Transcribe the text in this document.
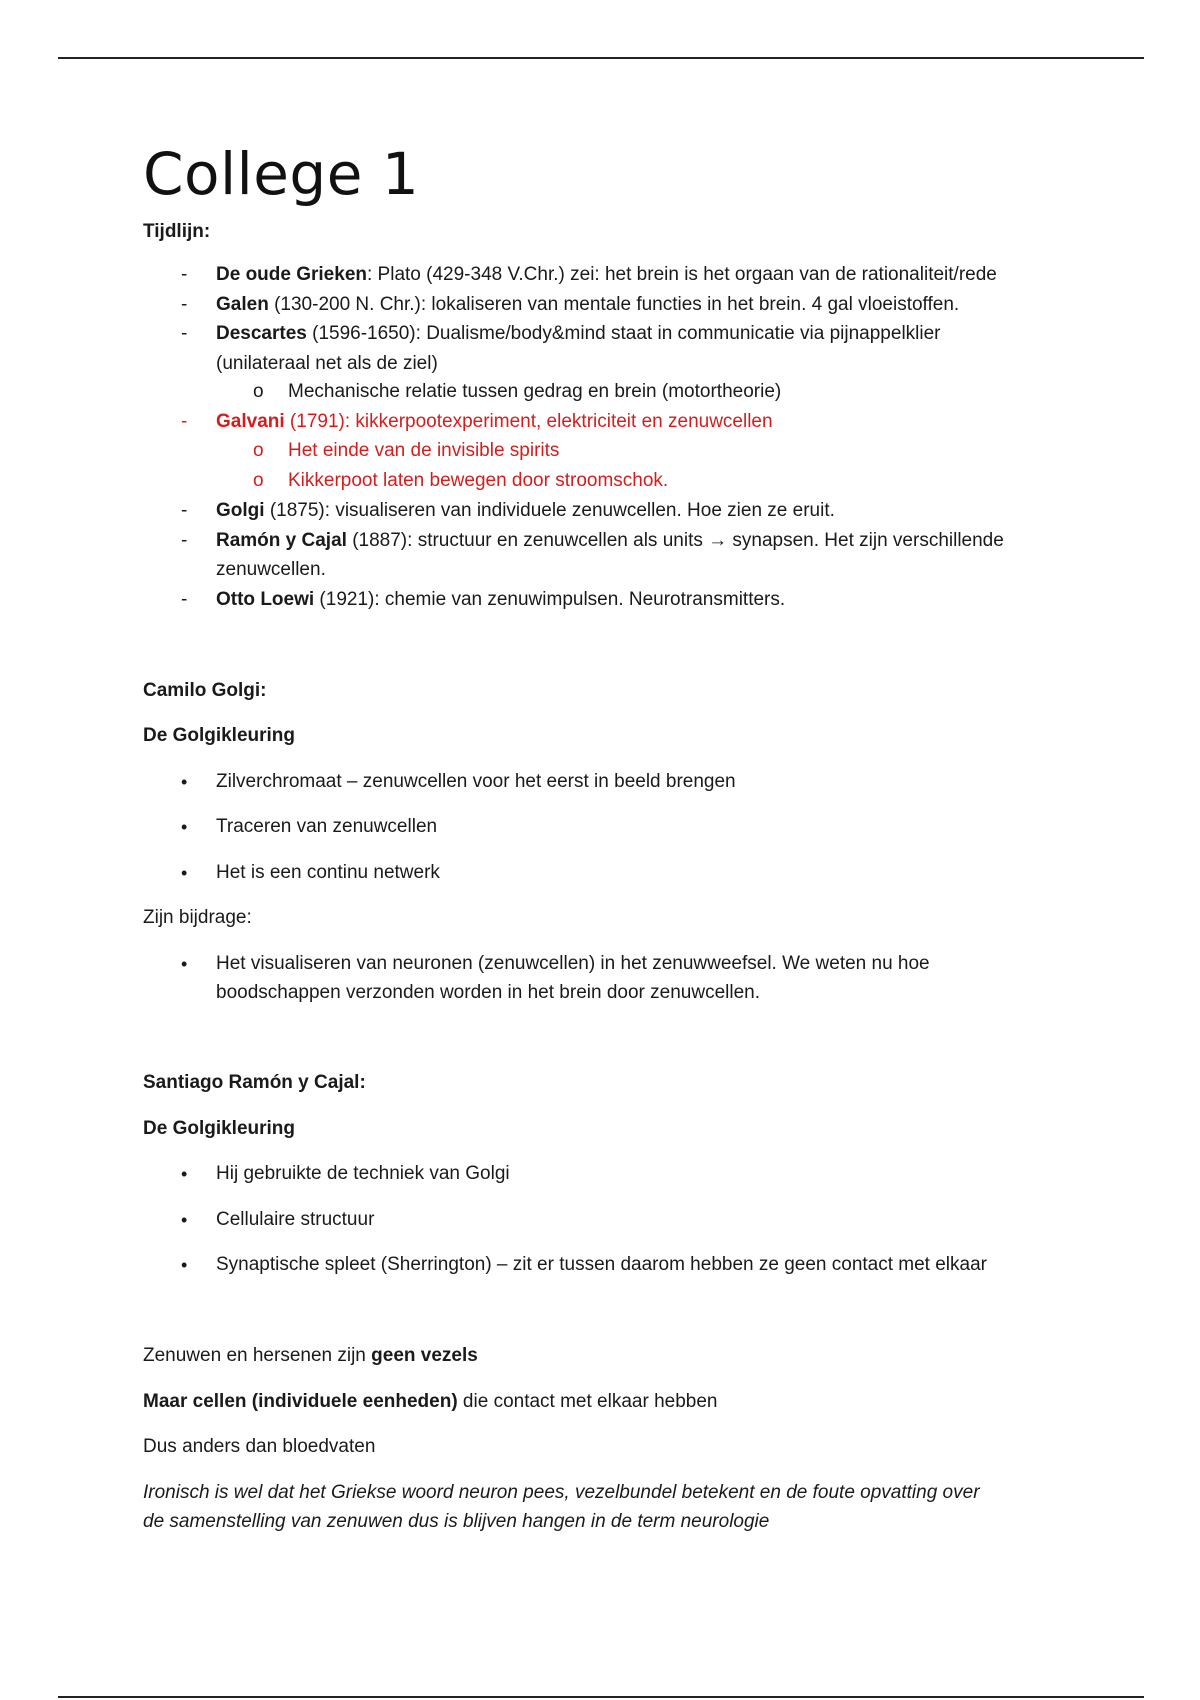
College 1
Tijdlijn:
- De oude Grieken: Plato (429-348 V.Chr.) zei: het brein is het orgaan van de rationaliteit/rede
- Galen (130-200 N. Chr.): lokaliseren van mentale functies in het brein. 4 gal vloeistoffen.
- Descartes (1596-1650): Dualisme/body&mind staat in communicatie via pijnappelklier
(unilateraal net als de ziel)
o Mechanische relatie tussen gedrag en brein (motortheorie)
- Galvani (1791): kikkerpootexperiment, elektriciteit en zenuwcellen
o Het einde van de invisible spirits
o Kikkerpoot laten bewegen door stroomschok.
- Golgi (1875): visualiseren van individuele zenuwcellen. Hoe zien ze eruit.
- Ramón y Cajal (1887): structuur en zenuwcellen als units → synapsen. Het zijn verschillende
zenuwcellen.
- Otto Loewi (1921): chemie van zenuwimpulsen. Neurotransmitters.
Camilo Golgi:
De Golgikleuring
• Zilverchromaat – zenuwcellen voor het eerst in beeld brengen
• Traceren van zenuwcellen
• Het is een continu netwerk
Zijn bijdrage:
• Het visualiseren van neuronen (zenuwcellen) in het zenuwweefsel. We weten nu hoe
boodschappen verzonden worden in het brein door zenuwcellen.
Santiago Ramón y Cajal:
De Golgikleuring
• Hij gebruikte de techniek van Golgi
• Cellulaire structuur
• Synaptische spleet (Sherrington) – zit er tussen daarom hebben ze geen contact met elkaar
Zenuwen en hersenen zijn geen vezels
Maar cellen (individuele eenheden) die contact met elkaar hebben
Dus anders dan bloedvaten
Ironisch is wel dat het Griekse woord neuron pees, vezelbundel betekent en de foute opvatting over
de samenstelling van zenuwen dus is blijven hangen in de term neurologie
